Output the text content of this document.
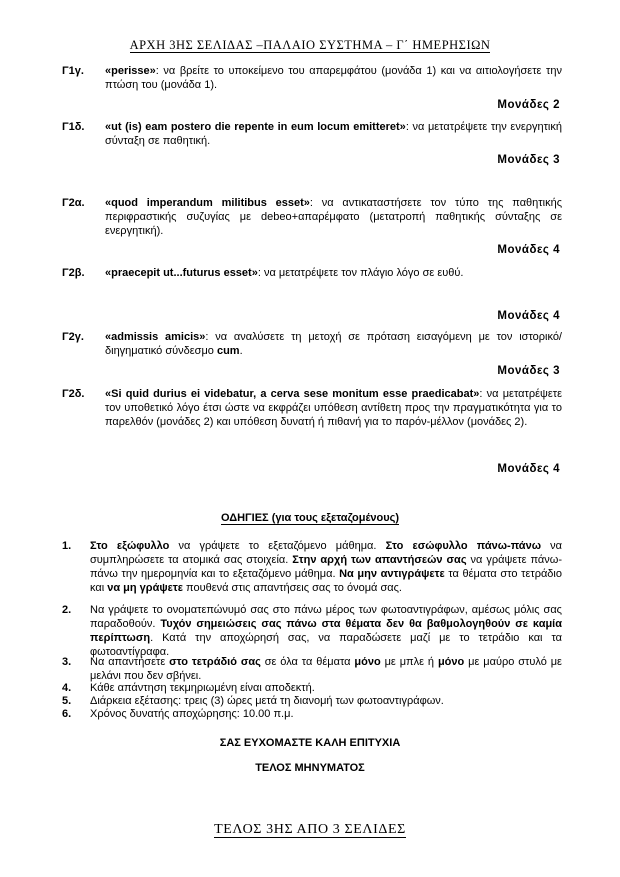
ΑΡΧΗ 3ΗΣ ΣΕΛΙΔΑΣ –ΠΑΛΑΙΟ ΣΥΣΤΗΜΑ – Γ΄ ΗΜΕΡΗΣΙΩΝ
Γ1γ. «perisse»: να βρείτε το υποκείμενο του απαρεμφάτου (μονάδα 1) και να αιτιολογήσετε την πτώση του (μονάδα 1).
Μονάδες 2
Γ1δ. «ut (is) eam postero die repente in eum locum emitteret»: να μετατρέψετε την ενεργητική σύνταξη σε παθητική.
Μονάδες 3
Γ2α. «quod imperandum militibus esset»: να αντικαταστήσετε τον τύπο της παθητικής περιφραστικής συζυγίας με debeo+απαρέμφατο (μετατροπή παθητικής σύνταξης σε ενεργητική).
Μονάδες 4
Γ2β. «praecepit ut...futurus esset»: να μετατρέψετε τον πλάγιο λόγο σε ευθύ.
Μονάδες 4
Γ2γ. «admissis amicis»: να αναλύσετε τη μετοχή σε πρόταση εισαγόμενη με τον ιστορικό/διηγηματικό σύνδεσμο cum.
Μονάδες 3
Γ2δ. «Si quid durius ei videbatur, a cerva sese monitum esse praedicabat»: να μετατρέψετε τον υποθετικό λόγο έτσι ώστε να εκφράζει υπόθεση αντίθετη προς την πραγματικότητα για το παρελθόν (μονάδες 2) και υπόθεση δυνατή ή πιθανή για το παρόν-μέλλον (μονάδες 2).
Μονάδες 4
ΟΔΗΓΙΕΣ (για τους εξεταζομένους)
1. Στο εξώφυλλο να γράψετε το εξεταζόμενο μάθημα. Στο εσώφυλλο πάνω-πάνω να συμπληρώσετε τα ατομικά σας στοιχεία. Στην αρχή των απαντήσεών σας να γράψετε πάνω-πάνω την ημερομηνία και το εξεταζόμενο μάθημα. Να μην αντιγράψετε τα θέματα στο τετράδιο και να μη γράψετε πουθενά στις απαντήσεις σας το όνομά σας.
2. Να γράψετε το ονοματεπώνυμό σας στο πάνω μέρος των φωτοαντιγράφων, αμέσως μόλις σας παραδοθούν. Τυχόν σημειώσεις σας πάνω στα θέματα δεν θα βαθμολογηθούν σε καμία περίπτωση. Κατά την αποχώρησή σας, να παραδώσετε μαζί με το τετράδιο και τα φωτοαντίγραφα.
3. Να απαντήσετε στο τετράδιό σας σε όλα τα θέματα μόνο με μπλε ή μόνο με μαύρο στυλό με μελάνι που δεν σβήνει.
4. Κάθε απάντηση τεκμηριωμένη είναι αποδεκτή.
5. Διάρκεια εξέτασης: τρεις (3) ώρες μετά τη διανομή των φωτοαντιγράφων.
6. Χρόνος δυνατής αποχώρησης: 10.00 π.μ.
ΣΑΣ ΕΥΧΟΜΑΣΤΕ ΚΑΛΗ ΕΠΙΤΥΧΙΑ
ΤΕΛΟΣ ΜΗΝΥΜΑΤΟΣ
ΤΕΛΟΣ 3ΗΣ ΑΠΟ 3 ΣΕΛΙΔΕΣ
